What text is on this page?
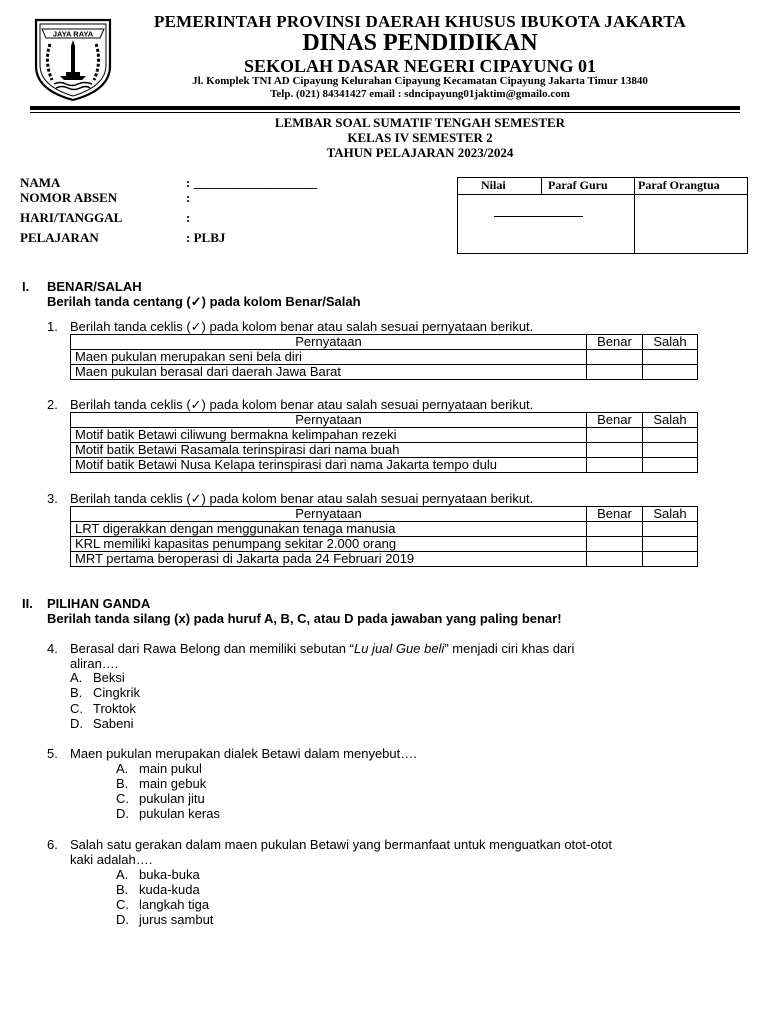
JAYA RAYA
PEMERINTAH PROVINSI DAERAH KHUSUS IBUKOTA JAKARTA
DINAS PENDIDIKAN
SEKOLAH DASAR NEGERI CIPAYUNG 01
Jl. Komplek TNI AD Cipayung Kelurahan Cipayung Kecamatan Cipayung Jakarta Timur 13840
Telp. (021) 84341427 email : sdncipayung01jaktim@gmailo.com
LEMBAR SOAL SUMATIF TENGAH SEMESTER
KELAS IV SEMESTER 2
TAHUN PELAJARAN 2023/2024
NAMA	: ___________________
NOMOR ABSEN	:
HARI/TANGGAL	:
PELAJARAN	: PLBJ
Nilai	Paraf Guru	Paraf Orangtua
I. BENAR/SALAH
Berilah tanda centang (✓) pada kolom Benar/Salah
1. Berilah tanda ceklis (✓) pada kolom benar atau salah sesuai pernyataan berikut.
Pernyataan	Benar	Salah
Maen pukulan merupakan seni bela diri		
Maen pukulan berasal dari daerah Jawa Barat		
2. Berilah tanda ceklis (✓) pada kolom benar atau salah sesuai pernyataan berikut.
Pernyataan	Benar	Salah
Motif batik Betawi ciliwung bermakna kelimpahan rezeki		
Motif batik Betawi Rasamala terinspirasi dari nama buah		
Motif batik Betawi Nusa Kelapa terinspirasi dari nama Jakarta tempo dulu		
3. Berilah tanda ceklis (✓) pada kolom benar atau salah sesuai pernyataan berikut.
Pernyataan	Benar	Salah
LRT digerakkan dengan menggunakan tenaga manusia		
KRL memiliki kapasitas penumpang sekitar 2.000 orang		
MRT pertama beroperasi di Jakarta pada 24 Februari 2019		
II. PILIHAN GANDA
Berilah tanda silang (x) pada huruf A, B, C, atau D pada jawaban yang paling benar!
4. Berasal dari Rawa Belong dan memiliki sebutan “Lu jual Gue beli” menjadi ciri khas dari
aliran….
A. Beksi
B. Cingkrik
C. Troktok
D. Sabeni
5. Maen pukulan merupakan dialek Betawi dalam menyebut….
A. main pukul
B. main gebuk
C. pukulan jitu
D. pukulan keras
6. Salah satu gerakan dalam maen pukulan Betawi yang bermanfaat untuk menguatkan otot-otot
kaki adalah….
A. buka-buka
B. kuda-kuda
C. langkah tiga
D. jurus sambut
